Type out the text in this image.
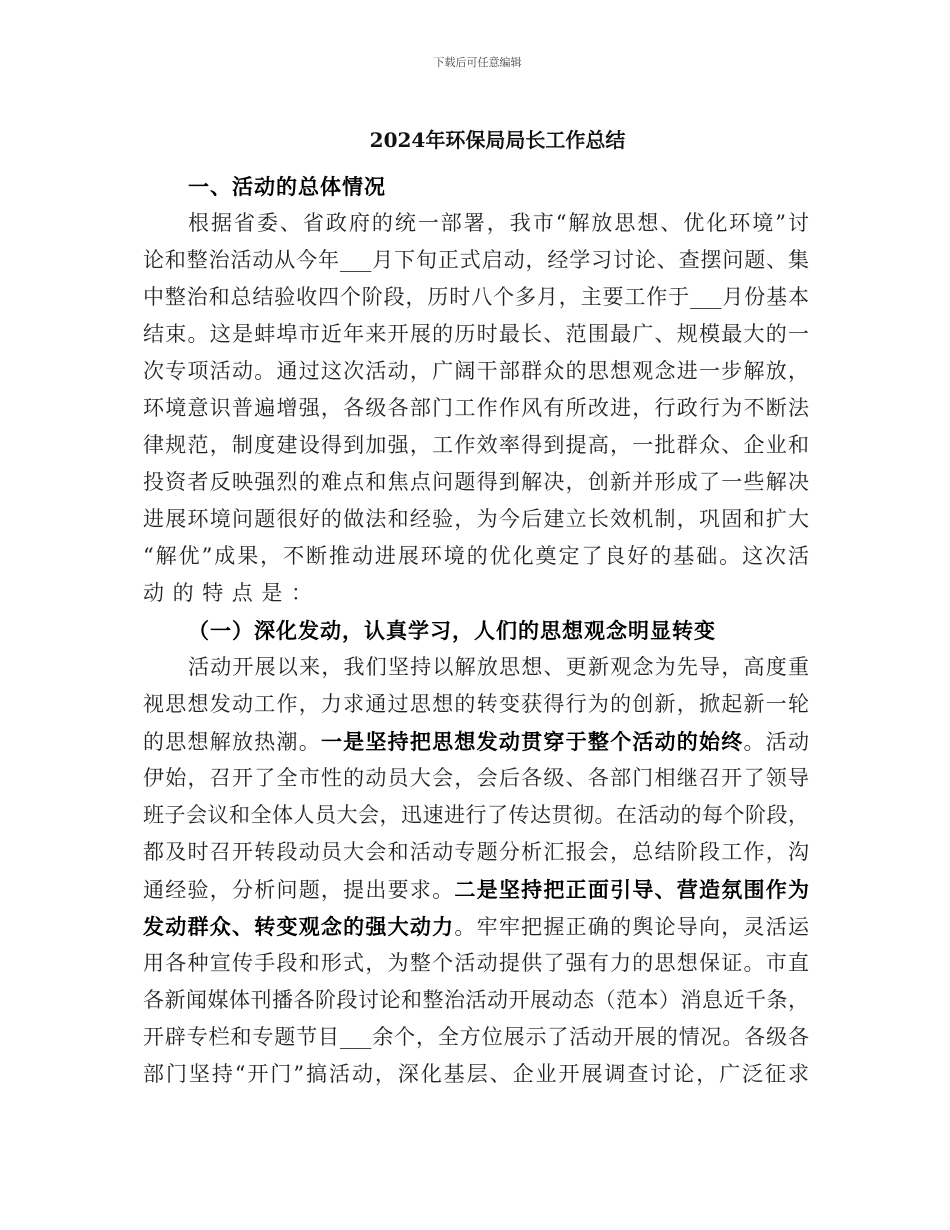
下载后可任意编辑
2024年环保局局长工作总结
一、活动的总体情况
根据省委、省政府的统一部署，我市“解放思想、优化环境”讨
论和整治活动从今年___月下旬正式启动，经学习讨论、查摆问题、集
中整治和总结验收四个阶段，历时八个多月，主要工作于___月份基本
结束。这是蚌埠市近年来开展的历时最长、范围最广、规模最大的一
次专项活动。通过这次活动，广阔干部群众的思想观念进一步解放，
环境意识普遍增强，各级各部门工作作风有所改进，行政行为不断法
律规范，制度建设得到加强，工作效率得到提高，一批群众、企业和
投资者反映强烈的难点和焦点问题得到解决，创新并形成了一些解决
进展环境问题很好的做法和经验，为今后建立长效机制，巩固和扩大
“解优”成果，不断推动进展环境的优化奠定了良好的基础。这次活
动的特点是：
（一）深化发动，认真学习，人们的思想观念明显转变
活动开展以来，我们坚持以解放思想、更新观念为先导，高度重
视思想发动工作，力求通过思想的转变获得行为的创新，掀起新一轮
的思想解放热潮。一是坚持把思想发动贯穿于整个活动的始终。活动
伊始，召开了全市性的动员大会，会后各级、各部门相继召开了领导
班子会议和全体人员大会，迅速进行了传达贯彻。在活动的每个阶段，
都及时召开转段动员大会和活动专题分析汇报会，总结阶段工作，沟
通经验，分析问题，提出要求。二是坚持把正面引导、营造氛围作为
发动群众、转变观念的强大动力。牢牢把握正确的舆论导向，灵活运
用各种宣传手段和形式，为整个活动提供了强有力的思想保证。市直
各新闻媒体刊播各阶段讨论和整治活动开展动态（范本）消息近千条，
开辟专栏和专题节目___余个，全方位展示了活动开展的情况。各级各
部门坚持“开门”搞活动，深化基层、企业开展调查讨论，广泛征求
